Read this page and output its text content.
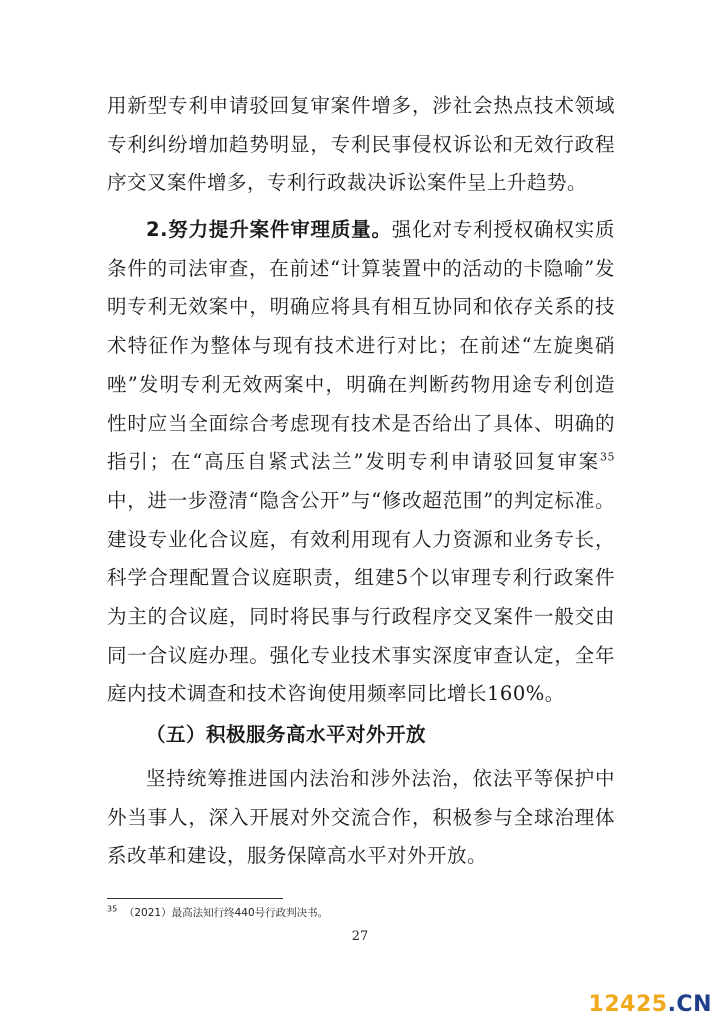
用新型专利申请驳回复审案件增多，涉社会热点技术领域专利纠纷增加趋势明显，专利民事侵权诉讼和无效行政程序交叉案件增多，专利行政裁决诉讼案件呈上升趋势。

2.努力提升案件审理质量。强化对专利授权确权实质条件的司法审查，在前述“计算装置中的活动的卡隐喻”发明专利无效案中，明确应将具有相互协同和依存关系的技术特征作为整体与现有技术进行对比；在前述“左旋奥硝唑”发明专利无效两案中，明确在判断药物用途专利创造性时应当全面综合考虑现有技术是否给出了具体、明确的指引；在“高压自紧式法兰”发明专利申请驳回复审案$^{35}$中，进一步澄清“隐含公开”与“修改超范围”的判定标准。建设专业化合议庭，有效利用现有人力资源和业务专长，科学合理配置合议庭职责，组建5个以审理专利行政案件为主的合议庭，同时将民事与行政程序交叉案件一般交由同一合议庭办理。强化专业技术事实深度审查认定，全年庭内技术调查和技术咨询使用频率同比增长160%。

（五）积极服务高水平对外开放

坚持统筹推进国内法治和涉外法治，依法平等保护中外当事人，深入开展对外交流合作，积极参与全球治理体系改革和建设，服务保障高水平对外开放。

$^{35}$ （2021）最高法知行终440号行政判决书。

27

12425.CN
